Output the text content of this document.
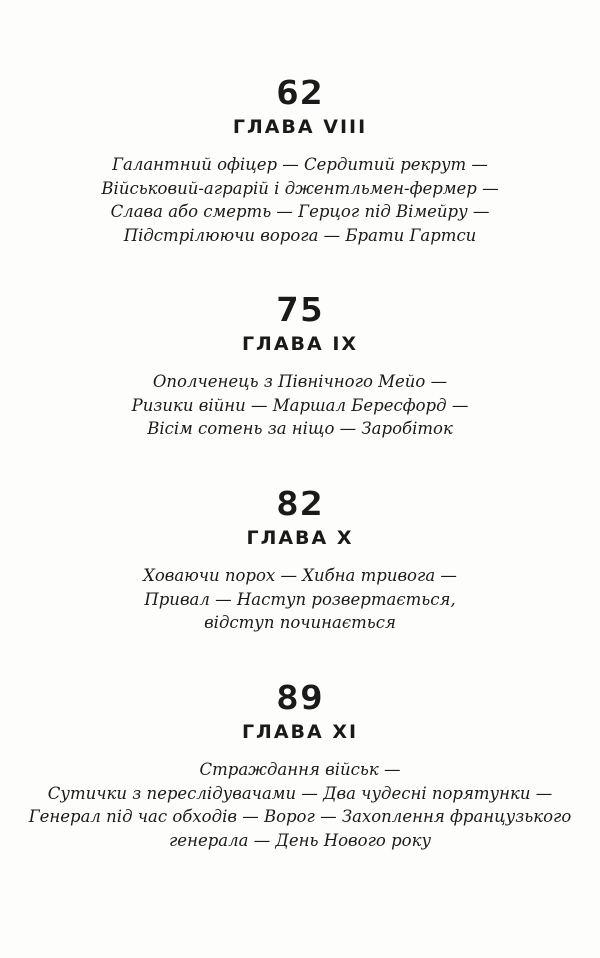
62
ГЛАВА VIII
Галантний офіцер — Сердитий рекрут —
Військовий-аграрій і джентльмен-фермер —
Слава або смерть — Герцог під Вімейру —
Підстрілюючи ворога — Брати Гартси
75
ГЛАВА IX
Ополченець з Північного Мейо —
Ризики війни — Маршал Бересфорд —
Вісім сотень за ніщо — Заробіток
82
ГЛАВА X
Ховаючи порох — Хибна тривога —
Привал — Наступ розвертається,
відступ починається
89
ГЛАВА XI
Страждання військ —
Сутички з переслідувачами — Два чудесні порятунки —
Генерал під час обходів — Ворог — Захоплення французького
генерала — День Нового року
